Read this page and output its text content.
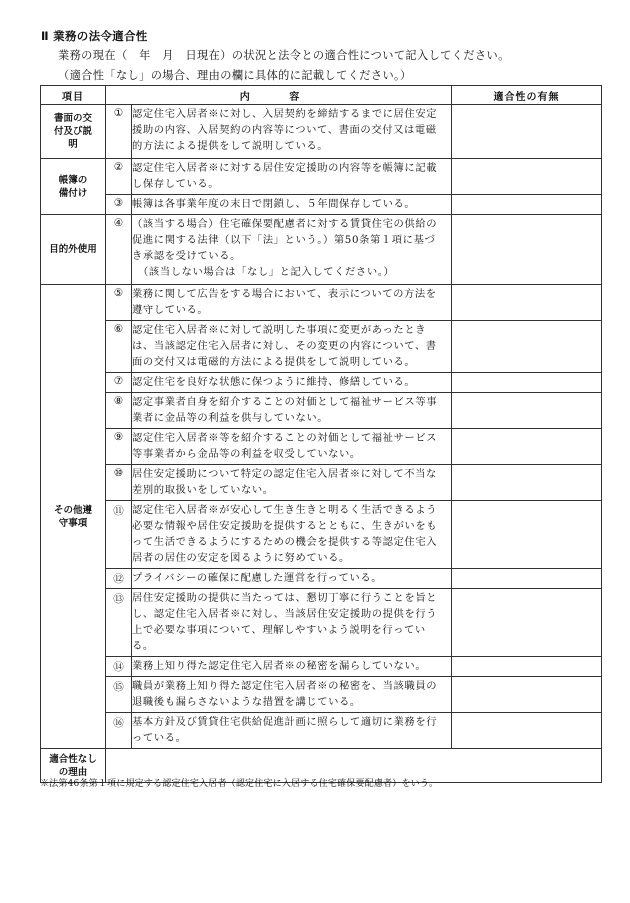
Ⅱ 業務の法令適合性
業務の現在（　年　月　日現在）の状況と法令との適合性について記入してください。
（適合性「なし」の場合、理由の欄に具体的に記載してください。）
項目	内 容		適合性の有無

書面の交付及び説明	①	認定住宅入居者※に対し、入居契約を締結するまでに居住安定援助の内容、入居契約の内容等について、書面の交付又は電磁的方法による提供をして説明している。	

帳簿の備付け	②	認定住宅入居者※に対する居住安定援助の内容等を帳簿に記載し保存している。	
	③	帳簿は各事業年度の末日で閉鎖し、５年間保存している。	
目的外使用	④	（該当する場合）住宅確保要配慮者に対する賃貸住宅の供給の促進に関する法律（以下「法」という。）第50条第１項に基づき承認を受けている。
（該当しない場合は「なし」と記入してください。）	

その他遵守事項	⑤	業務に関して広告をする場合において、表示についての方法を遵守している。	
	⑥	認定住宅入居者※に対して説明した事項に変更があったときは、当該認定住宅入居者に対し、その変更の内容について、書面の交付又は電磁的方法による提供をして説明している。	
	⑦	認定住宅を良好な状態に保つように維持、修繕している。	
	⑧	認定事業者自身を紹介することの対価として福祉サービス等事業者に金品等の利益を供与していない。	
	⑨	認定住宅入居者※等を紹介することの対価として福祉サービス等事業者から金品等の利益を収受していない。	
	⑩	居住安定援助について特定の認定住宅入居者※に対して不当な差別的取扱いをしていない。	
	⑪	認定住宅入居者※が安心して生き生きと明るく生活できるよう必要な情報や居住安定援助を提供するとともに、生きがいをもって生活できるようにするための機会を提供する等認定住宅入居者の居住の安定を図るように努めている。	
	⑫	プライバシーの確保に配慮した運営を行っている。	
	⑬	居住安定援助の提供に当たっては、懇切丁寧に行うことを旨とし、認定住宅入居者※に対し、当該居住安定援助の提供を行う上で必要な事項について、理解しやすいよう説明を行っている。	
	⑭	業務上知り得た認定住宅入居者※の秘密を漏らしていない。	
	⑮	職員が業務上知り得た認定住宅入居者※の秘密を、当該職員の退職後も漏らさないような措置を講じている。	
	⑯	基本方針及び賃貸住宅供給促進計画に照らして適切に業務を行っている。	

適合性なしの理由			

※法第46条第１項に規定する認定住宅入居者（認定住宅に入居する住宅確保要配慮者）をいう。
